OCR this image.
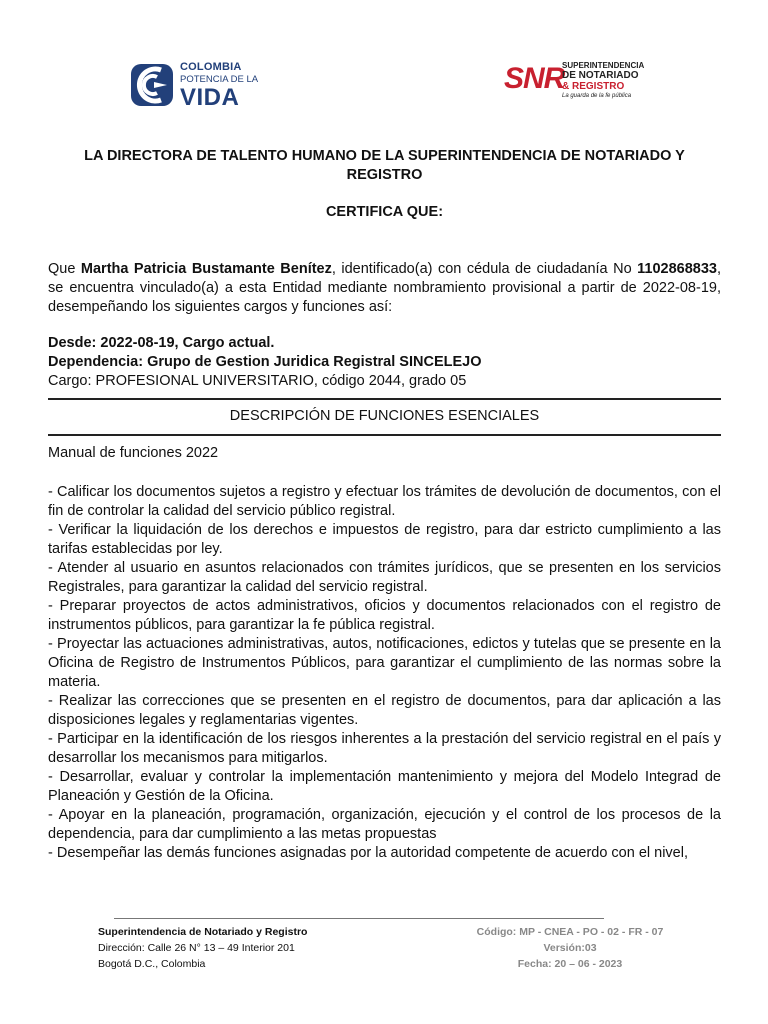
COLOMBIA
POTENCIA DE LA
VIDA
SNR
SUPERINTENDENCIA
DE NOTARIADO
& REGISTRO
La guarda de la fe pública
LA DIRECTORA DE TALENTO HUMANO DE LA SUPERINTENDENCIA DE NOTARIADO Y REGISTRO
CERTIFICA QUE:
Que Martha Patricia Bustamante Benítez, identificado(a) con cédula de ciudadanía No 1102868833, se encuentra vinculado(a) a esta Entidad mediante nombramiento provisional a partir de 2022-08-19, desempeñando los siguientes cargos y funciones así:
Desde: 2022-08-19, Cargo actual.
Dependencia: Grupo de Gestion Juridica Registral SINCELEJO
Cargo: PROFESIONAL UNIVERSITARIO, código 2044, grado 05
DESCRIPCIÓN DE FUNCIONES ESENCIALES
Manual de funciones 2022
- Calificar los documentos sujetos a registro y efectuar los trámites de devolución de documentos, con el fin de controlar la calidad del servicio público registral.
- Verificar la liquidación de los derechos e impuestos de registro, para dar estricto cumplimiento a las tarifas establecidas por ley.
- Atender al usuario en asuntos relacionados con trámites jurídicos, que se presenten en los servicios Registrales, para garantizar la calidad del servicio registral.
- Preparar proyectos de actos administrativos, oficios y documentos relacionados con el registro de instrumentos públicos, para garantizar la fe pública registral.
- Proyectar las actuaciones administrativas, autos, notificaciones, edictos y tutelas que se presente en la Oficina de Registro de Instrumentos Públicos, para garantizar el cumplimiento de las normas sobre la materia.
- Realizar las correcciones que se presenten en el registro de documentos, para dar aplicación a las disposiciones legales y reglamentarias vigentes.
- Participar en la identificación de los riesgos inherentes a la prestación del servicio registral en el país y desarrollar los mecanismos para mitigarlos.
- Desarrollar, evaluar y controlar la implementación mantenimiento y mejora del Modelo Integrad de Planeación y Gestión de la Oficina.
- Apoyar en la planeación, programación, organización, ejecución y el control de los procesos de la dependencia, para dar cumplimiento a las metas propuestas
- Desempeñar las demás funciones asignadas por la autoridad competente de acuerdo con el nivel,
Superintendencia de Notariado y Registro
Dirección: Calle 26 N° 13 – 49 Interior 201
Bogotá D.C., Colombia
Código: MP - CNEA - PO - 02 - FR - 07
Versión:03
Fecha: 20 – 06 - 2023
